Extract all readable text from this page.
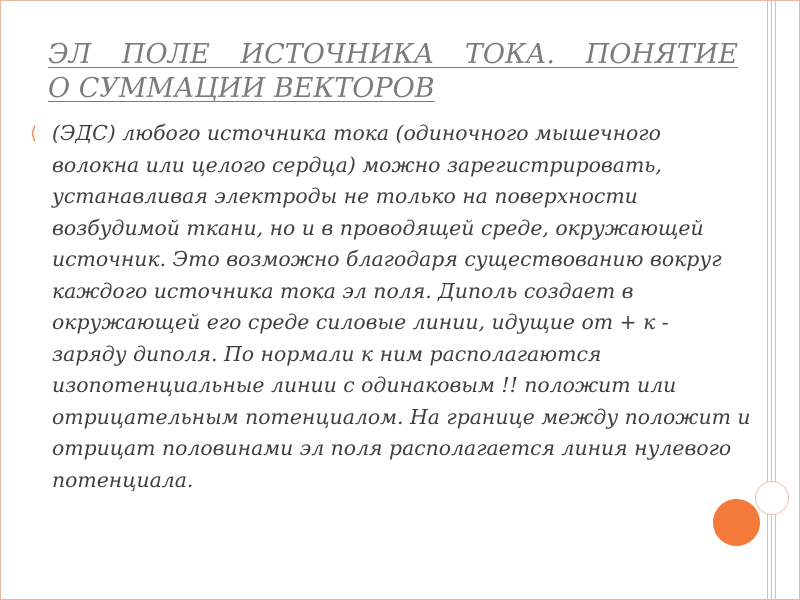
ЭЛ ПОЛЕ ИСТОЧНИКА ТОКА. ПОНЯТИЕ
О СУММАЦИИ ВЕКТОРОВ
⟨ (ЭДС) любого источника тока (одиночного мышечного
волокна или целого сердца) можно зарегистрировать,
устанавливая электроды не только на поверхности
возбудимой ткани, но и в проводящей среде, окружающей
источник. Это возможно благодаря существованию вокруг
каждого источника тока эл поля. Диполь создает в
окружающей его среде силовые линии, идущие от + к -
заряду диполя. По нормали к ним располагаются
изопотенциальные линии с одинаковым !! положит или
отрицательным потенциалом. На границе между положит и
отрицат половинами эл поля располагается линия нулевого
потенциала.
